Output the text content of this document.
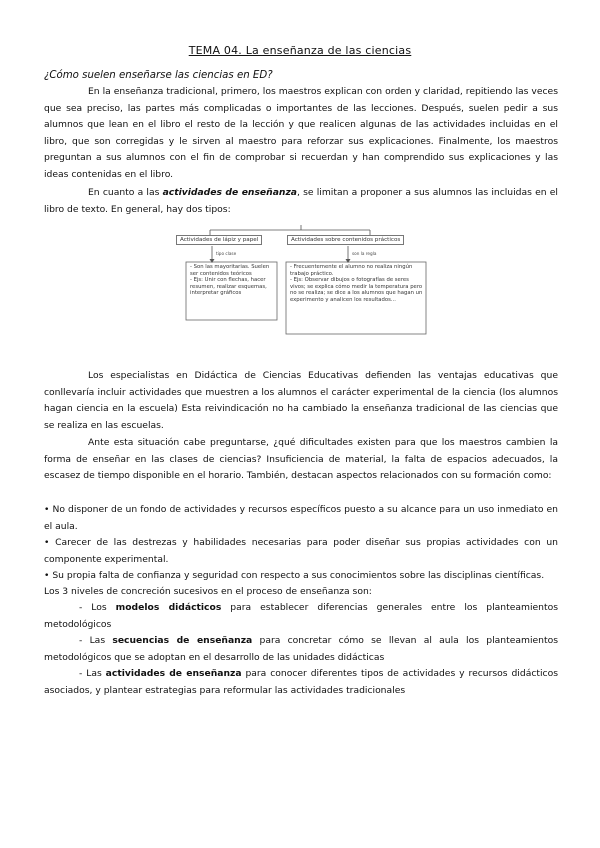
TEMA 04. La enseñanza de las ciencias
¿Cómo suelen enseñarse las ciencias en ED?
En la enseñanza tradicional, primero, los maestros explican con orden y claridad, repitiendo las veces que sea preciso, las partes más complicadas o importantes de las lecciones. Después, suelen pedir a sus alumnos que lean en el libro el resto de la lección y que realicen algunas de las actividades incluidas en el libro, que son corregidas y le sirven al maestro para reforzar sus explicaciones. Finalmente, los maestros preguntan a sus alumnos con el fin de comprobar si recuerdan y han comprendido sus explicaciones y las ideas contenidas en el libro.
En cuanto a las actividades de enseñanza, se limitan a proponer a sus alumnos las incluidas en el libro de texto. En general, hay dos tipos:
Actividades de lápiz y papel	Actividades sobre contenidos prácticos
tipo clase	son la regla
- Son las mayoritarias. Suelen ser contenidos teóricos
- Ejs: Unir con flechas, hacer resumen, realizar esquemas, interpretar gráficos
- Frecuentemente el alumno no realiza ningún trabajo práctico.
- Ejs: Observar dibujos o fotografías de seres vivos; se explica cómo medir la temperatura pero no se realiza; se dice a los alumnos que hagan un experimento y analicen los resultados...
Los especialistas en Didáctica de Ciencias Educativas defienden las ventajas educativas que conllevaría incluir actividades que muestren a los alumnos el carácter experimental de la ciencia (los alumnos hagan ciencia en la escuela) Esta reivindicación no ha cambiado la enseñanza tradicional de las ciencias que se realiza en las escuelas.
Ante esta situación cabe preguntarse, ¿qué dificultades existen para que los maestros cambien la forma de enseñar en las clases de ciencias? Insuficiencia de material, la falta de espacios adecuados, la escasez de tiempo disponible en el horario. También, destacan aspectos relacionados con su formación como:
• No disponer de un fondo de actividades y recursos específicos puesto a su alcance para un uso inmediato en el aula.
• Carecer de las destrezas y habilidades necesarias para poder diseñar sus propias actividades con un componente experimental.
• Su propia falta de confianza y seguridad con respecto a sus conocimientos sobre las disciplinas científicas.
Los 3 niveles de concreción sucesivos en el proceso de enseñanza son:
- Los modelos didácticos para establecer diferencias generales entre los planteamientos metodológicos
- Las secuencias de enseñanza para concretar cómo se llevan al aula los planteamientos metodológicos que se adoptan en el desarrollo de las unidades didácticas
- Las actividades de enseñanza para conocer diferentes tipos de actividades y recursos didácticos asociados, y plantear estrategias para reformular las actividades tradicionales
